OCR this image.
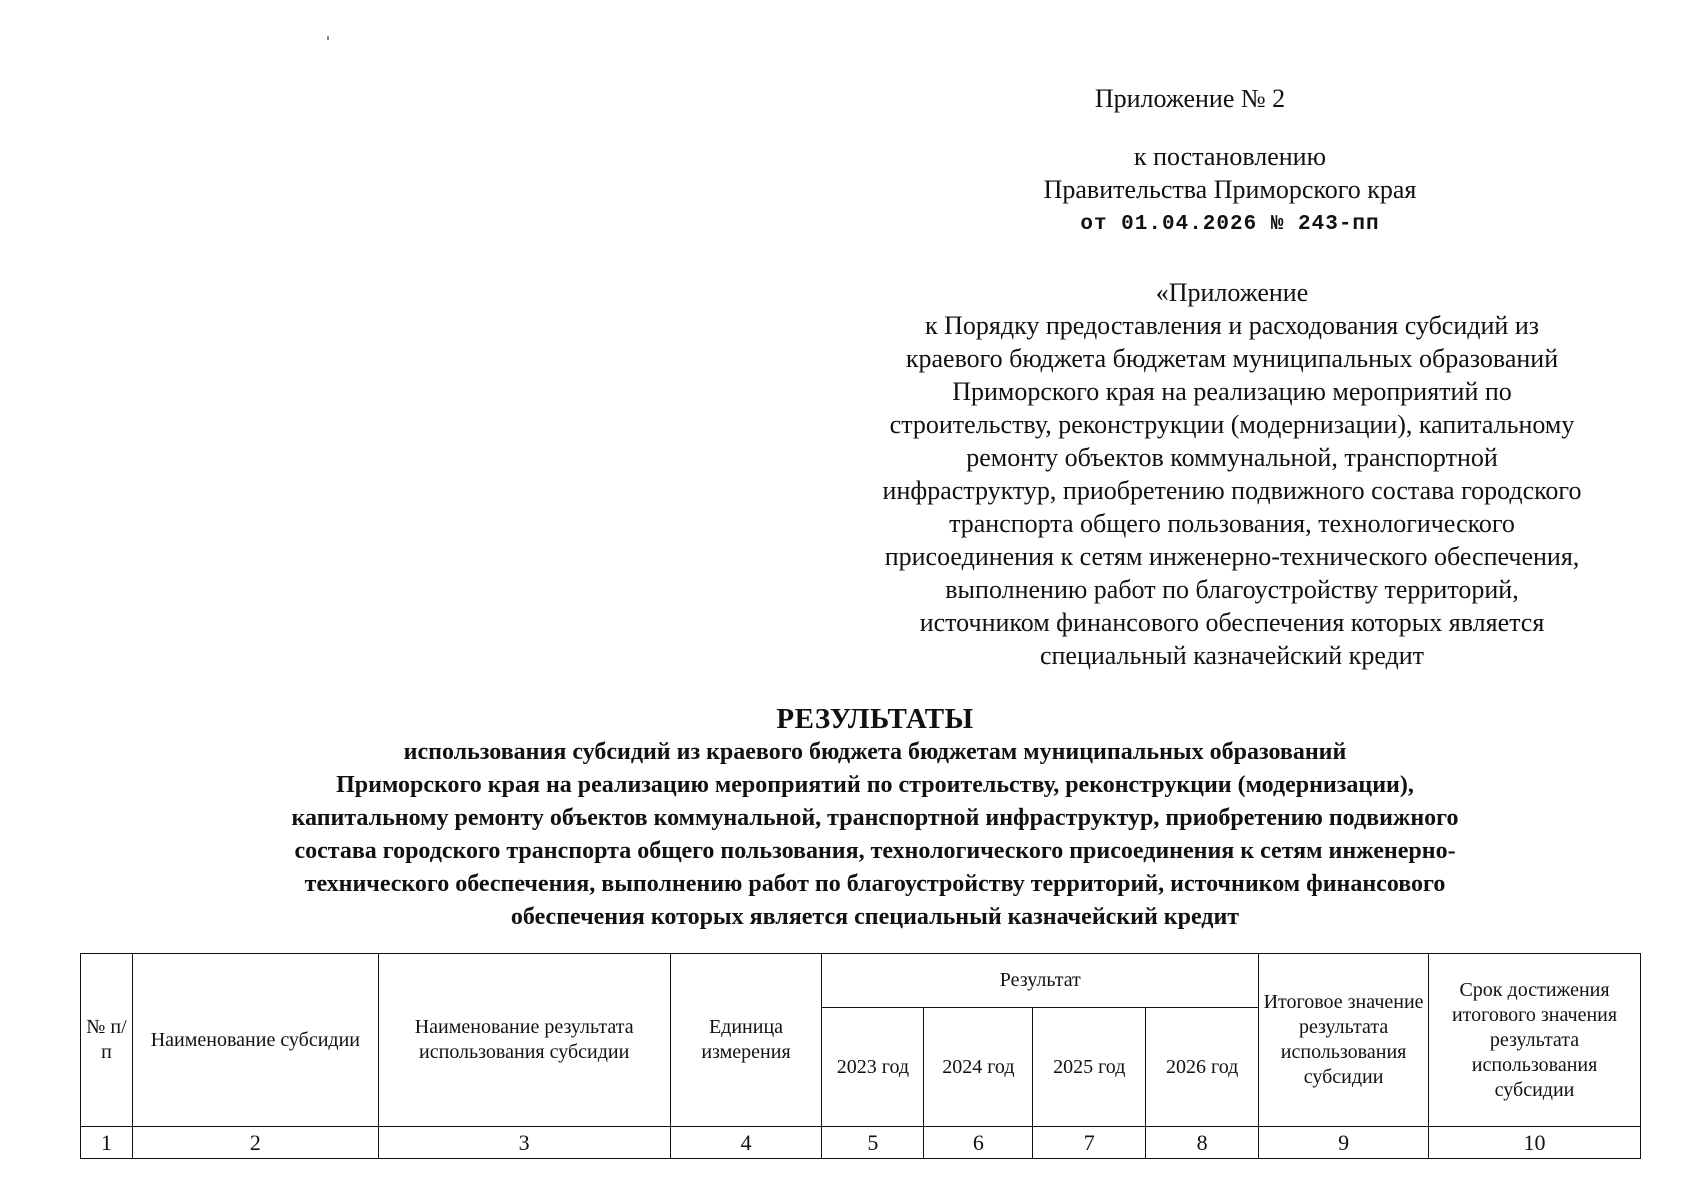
Приложение № 2
к постановлению
Правительства Приморского края
от 01.04.2026 № 243-пп
«Приложение
к Порядку предоставления и расходования субсидий из
краевого бюджета бюджетам муниципальных образований
Приморского края на реализацию мероприятий по
строительству, реконструкции (модернизации), капитальному
ремонту объектов коммунальной, транспортной
инфраструктур, приобретению подвижного состава городского
транспорта общего пользования, технологического
присоединения к сетям инженерно-технического обеспечения,
выполнению работ по благоустройству территорий,
источником финансового обеспечения которых является
специальный казначейский кредит
РЕЗУЛЬТАТЫ
использования субсидий из краевого бюджета бюджетам муниципальных образований
Приморского края на реализацию мероприятий по строительству, реконструкции (модернизации),
капитальному ремонту объектов коммунальной, транспортной инфраструктур, приобретению подвижного
состава городского транспорта общего пользования, технологического присоединения к сетям инженерно-
технического обеспечения, выполнению работ по благоустройству территорий, источником финансового
обеспечения которых является специальный казначейский кредит
№ п/п	Наименование субсидии	Наименование результата использования субсидии	Единица измерения	Результат				Итоговое значение результата использования субсидии	Срок достижения итогового значения результата использования субсидии
				2023 год	2024 год	2025 год	2026 год		
1	2	3	4	5	6	7	8	9	10
